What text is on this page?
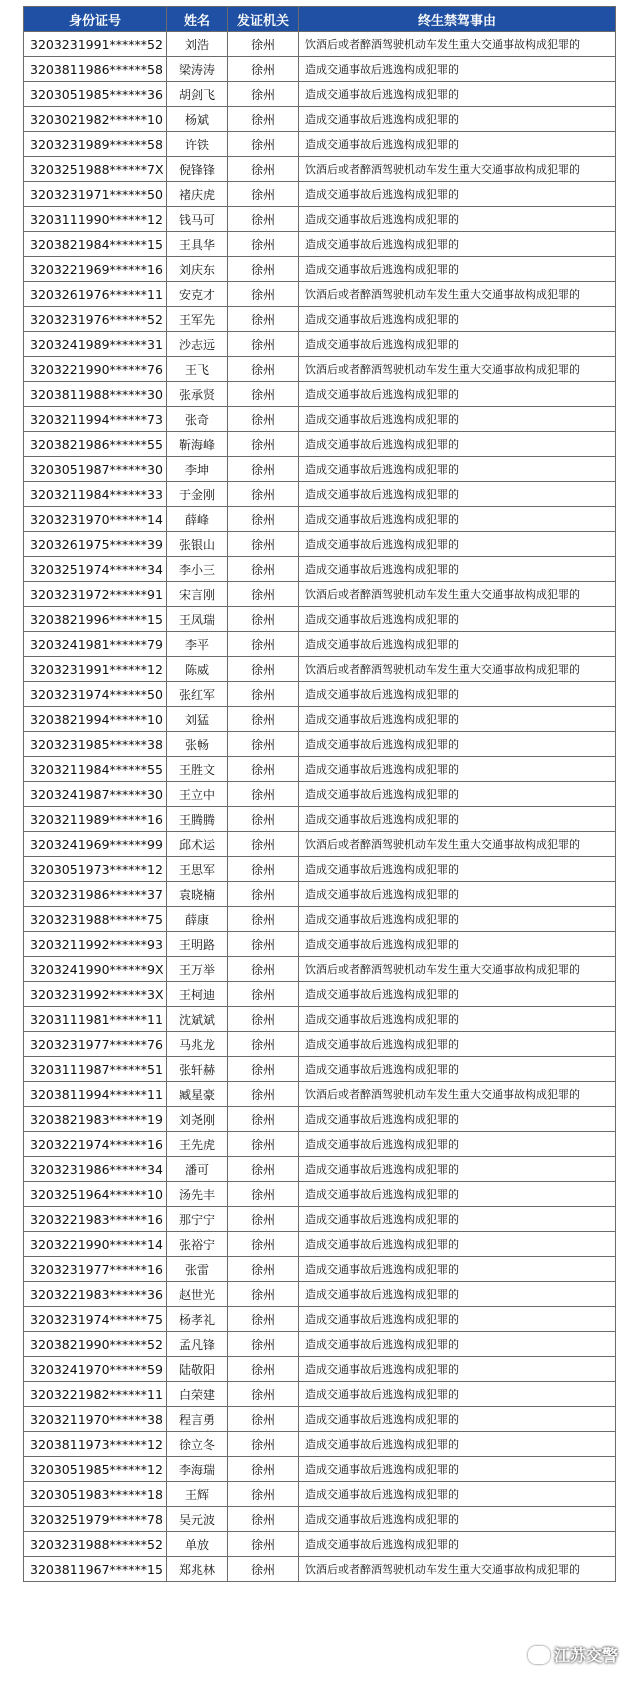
身份证号	姓名	发证机关	终生禁驾事由
3203231991******52	刘浩	徐州	饮酒后或者醉酒驾驶机动车发生重大交通事故构成犯罪的
3203811986******58	梁涛涛	徐州	造成交通事故后逃逸构成犯罪的
3203051985******36	胡剑飞	徐州	造成交通事故后逃逸构成犯罪的
3203021982******10	杨斌	徐州	造成交通事故后逃逸构成犯罪的
3203231989******58	许铁	徐州	造成交通事故后逃逸构成犯罪的
3203251988******7X	倪锋锋	徐州	饮酒后或者醉酒驾驶机动车发生重大交通事故构成犯罪的
3203231971******50	褚庆虎	徐州	造成交通事故后逃逸构成犯罪的
3203111990******12	钱马可	徐州	造成交通事故后逃逸构成犯罪的
3203821984******15	王具华	徐州	造成交通事故后逃逸构成犯罪的
3203221969******16	刘庆东	徐州	造成交通事故后逃逸构成犯罪的
3203261976******11	安克才	徐州	饮酒后或者醉酒驾驶机动车发生重大交通事故构成犯罪的
3203231976******52	王军先	徐州	造成交通事故后逃逸构成犯罪的
3203241989******31	沙志远	徐州	造成交通事故后逃逸构成犯罪的
3203221990******76	王飞	徐州	饮酒后或者醉酒驾驶机动车发生重大交通事故构成犯罪的
3203811988******30	张承贤	徐州	造成交通事故后逃逸构成犯罪的
3203211994******73	张奇	徐州	造成交通事故后逃逸构成犯罪的
3203821986******55	靳海峰	徐州	造成交通事故后逃逸构成犯罪的
3203051987******30	李坤	徐州	造成交通事故后逃逸构成犯罪的
3203211984******33	于金刚	徐州	造成交通事故后逃逸构成犯罪的
3203231970******14	薛峰	徐州	造成交通事故后逃逸构成犯罪的
3203261975******39	张银山	徐州	造成交通事故后逃逸构成犯罪的
3203251974******34	李小三	徐州	造成交通事故后逃逸构成犯罪的
3203231972******91	宋言刚	徐州	饮酒后或者醉酒驾驶机动车发生重大交通事故构成犯罪的
3203821996******15	王凤瑞	徐州	造成交通事故后逃逸构成犯罪的
3203241981******79	李平	徐州	造成交通事故后逃逸构成犯罪的
3203231991******12	陈威	徐州	饮酒后或者醉酒驾驶机动车发生重大交通事故构成犯罪的
3203231974******50	张红军	徐州	造成交通事故后逃逸构成犯罪的
3203821994******10	刘猛	徐州	造成交通事故后逃逸构成犯罪的
3203231985******38	张畅	徐州	造成交通事故后逃逸构成犯罪的
3203211984******55	王胜文	徐州	造成交通事故后逃逸构成犯罪的
3203241987******30	王立中	徐州	造成交通事故后逃逸构成犯罪的
3203211989******16	王腾腾	徐州	造成交通事故后逃逸构成犯罪的
3203241969******99	邱术运	徐州	饮酒后或者醉酒驾驶机动车发生重大交通事故构成犯罪的
3203051973******12	王思军	徐州	造成交通事故后逃逸构成犯罪的
3203231986******37	袁晓楠	徐州	造成交通事故后逃逸构成犯罪的
3203231988******75	薛康	徐州	造成交通事故后逃逸构成犯罪的
3203211992******93	王明路	徐州	造成交通事故后逃逸构成犯罪的
3203241990******9X	王万举	徐州	饮酒后或者醉酒驾驶机动车发生重大交通事故构成犯罪的
3203231992******3X	王柯迪	徐州	造成交通事故后逃逸构成犯罪的
3203111981******11	沈斌斌	徐州	造成交通事故后逃逸构成犯罪的
3203231977******76	马兆龙	徐州	造成交通事故后逃逸构成犯罪的
3203111987******51	张轩赫	徐州	造成交通事故后逃逸构成犯罪的
3203811994******11	臧星豪	徐州	饮酒后或者醉酒驾驶机动车发生重大交通事故构成犯罪的
3203821983******19	刘尧刚	徐州	造成交通事故后逃逸构成犯罪的
3203221974******16	王先虎	徐州	造成交通事故后逃逸构成犯罪的
3203231986******34	潘可	徐州	造成交通事故后逃逸构成犯罪的
3203251964******10	汤先丰	徐州	造成交通事故后逃逸构成犯罪的
3203221983******16	那宁宁	徐州	造成交通事故后逃逸构成犯罪的
3203221990******14	张裕宁	徐州	造成交通事故后逃逸构成犯罪的
3203231977******16	张雷	徐州	造成交通事故后逃逸构成犯罪的
3203221983******36	赵世光	徐州	造成交通事故后逃逸构成犯罪的
3203231974******75	杨孝礼	徐州	造成交通事故后逃逸构成犯罪的
3203821990******52	孟凡锋	徐州	造成交通事故后逃逸构成犯罪的
3203241970******59	陆敬阳	徐州	造成交通事故后逃逸构成犯罪的
3203221982******11	白荣建	徐州	造成交通事故后逃逸构成犯罪的
3203211970******38	程言勇	徐州	造成交通事故后逃逸构成犯罪的
3203811973******12	徐立冬	徐州	造成交通事故后逃逸构成犯罪的
3203051985******12	李海瑞	徐州	造成交通事故后逃逸构成犯罪的
3203051983******18	王辉	徐州	造成交通事故后逃逸构成犯罪的
3203251979******78	吴元波	徐州	造成交通事故后逃逸构成犯罪的
3203231988******52	单放	徐州	造成交通事故后逃逸构成犯罪的
3203811967******15	郑兆林	徐州	饮酒后或者醉酒驾驶机动车发生重大交通事故构成犯罪的
江苏交警
